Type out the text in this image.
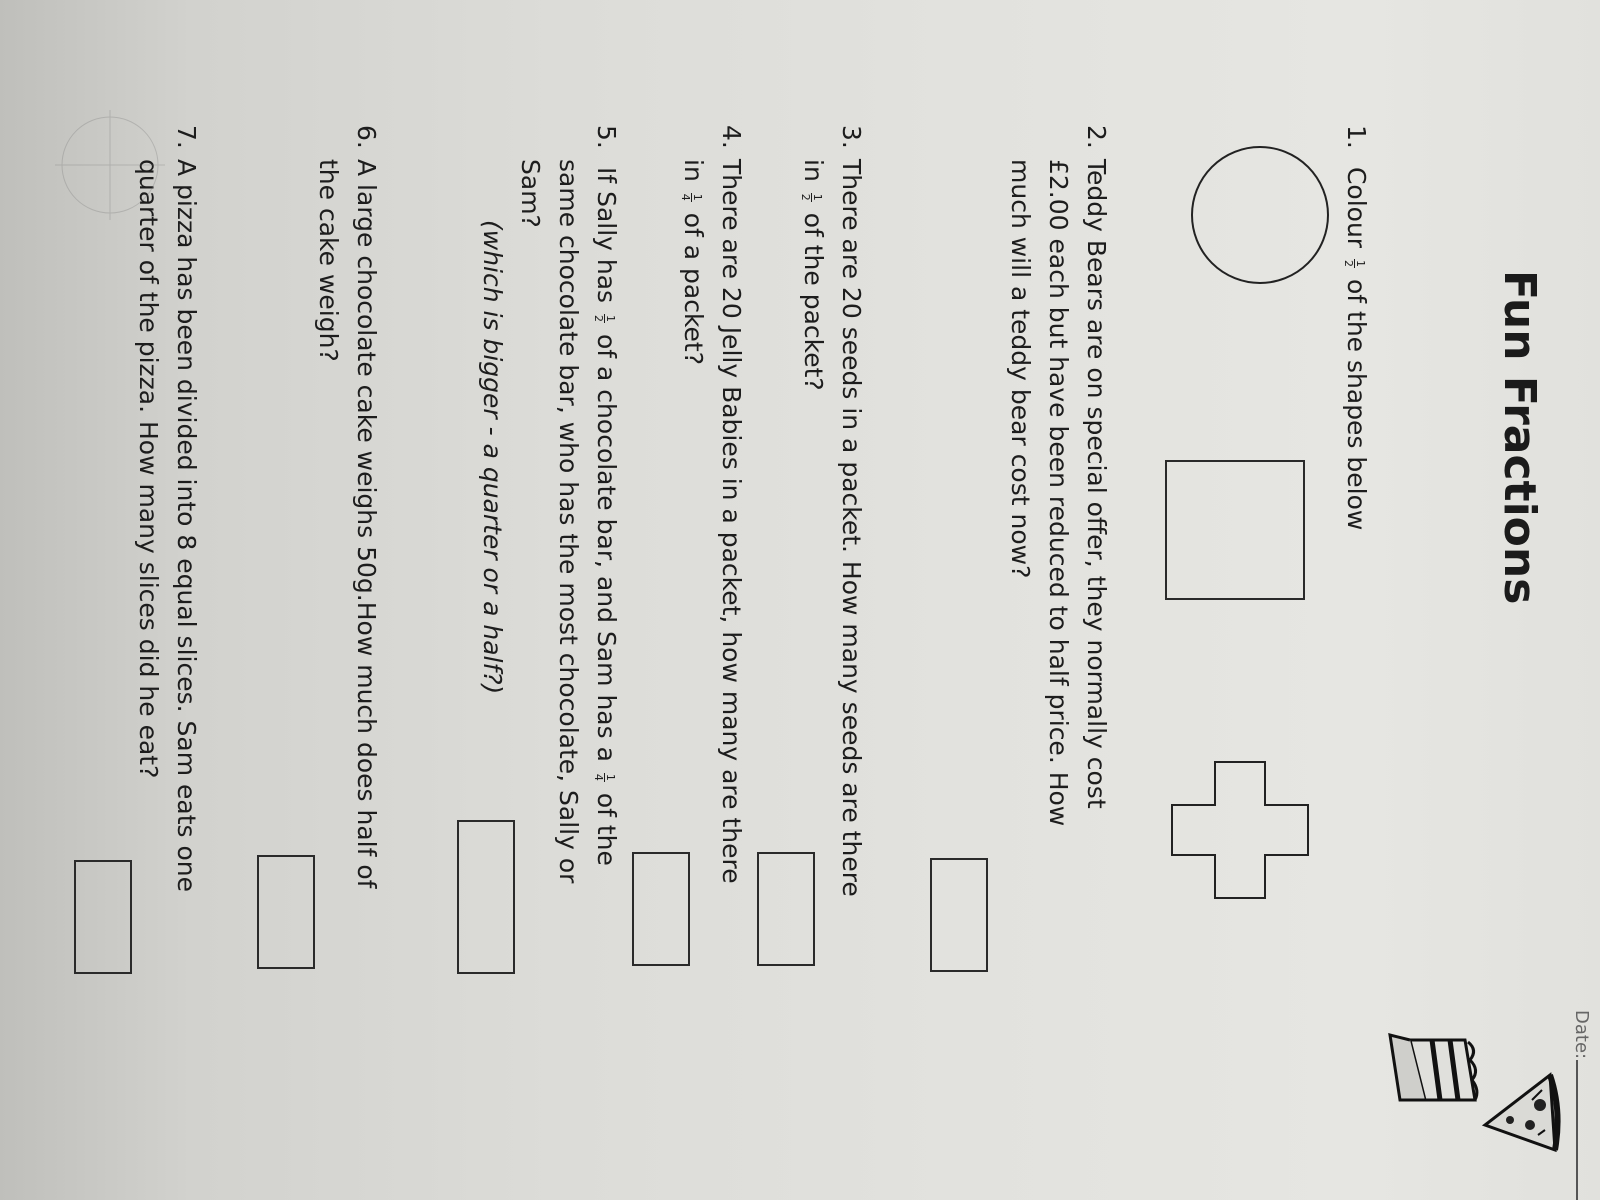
Date:
Fun Fractions
1. Colour
1
2
of the shapes below
2.Teddy Bears are on special offer, they normally cost
£2.00 each but have been reduced to half price. How
much will a teddy bear cost now?
3.There are 20 seeds in a packet. How many seeds are there
in
1
2
of the packet?
4.There are 20 Jelly Babies in a packet, how many are there
in
1
4
of a packet?
5. If Sally has
1
2
of a chocolate bar, and Sam has a
1
4
of the
same chocolate bar, who has the most chocolate, Sally or
Sam?
(which is bigger - a quarter or a half?)
6.A large chocolate cake weighs 50g.How much does half of
the cake weigh?
7.A pizza has been divided into 8 equal slices. Sam eats one
quarter of the pizza. How many slices did he eat?
